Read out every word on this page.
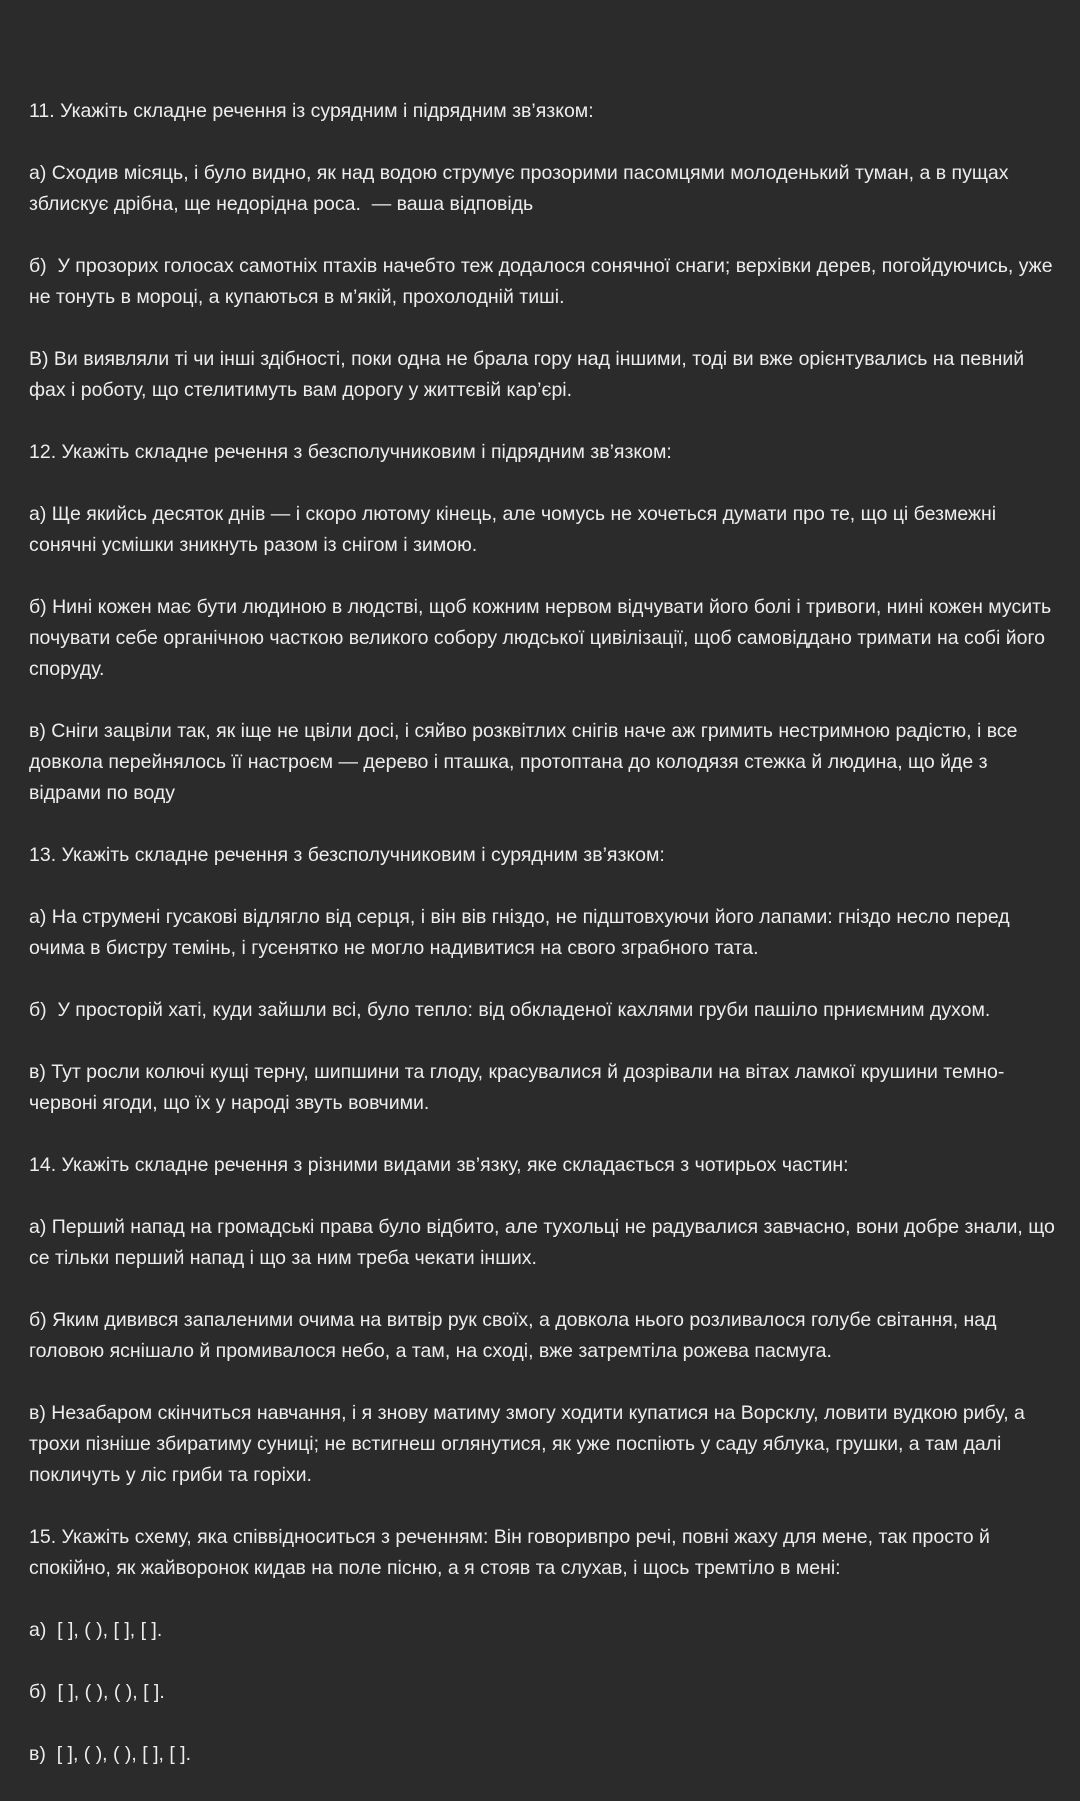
11. Укажіть складне речення із сурядним і підрядним зв’язком:

а) Сходив місяць, і було видно, як над водою струмує прозорими пасомцями молоденький туман, а в пущах зблискує дрібна, ще недорідна роса.  — ваша відповідь

б)  У прозорих голосах самотніх птахів начебто теж додалося сонячної снаги; верхівки дерев, погойдуючись, уже не тонуть в мороці, а купаються в м’якій, прохолодній тиші.

В) Ви виявляли ті чи інші здібності, поки одна не брала гору над іншими, тоді ви вже орієнтувались на певний фах і роботу, що стелитимуть вам дорогу у життєвій кар’єрі.

12. Укажіть складне речення з безсполучниковим і підрядним зв’язком:

а) Ще якийсь десяток днів — і скоро лютому кінець, але чомусь не хочеться думати про те, що ці безмежні сонячні усмішки зникнуть разом із снігом і зимою.

б) Нині кожен має бути людиною в людстві, щоб кожним нервом відчувати його болі і тривоги, нині кожен мусить почувати себе органічною часткою великого собору людської цивілізації, щоб самовіддано тримати на собі його споруду.

в) Сніги зацвіли так, як іще не цвіли досі, і сяйво розквітлих снігів наче аж гримить нестримною радістю, і все довкола перейнялось її настроєм — дерево і пташка, протоптана до колодязя стежка й людина, що йде з відрами по воду

13. Укажіть складне речення з безсполучниковим і сурядним зв’язком:

а) На струмені гусакові відлягло від серця, і він вів гніздо, не підштовхуючи його лапами: гніздо несло перед очима в бистру темінь, і гусенятко не могло надивитися на свого зграбного тата.

б)  У просторій хаті, куди зайшли всі, було тепло: від обкладеної кахлями груби пашіло прниємним духом.

в) Тут росли колючі кущі терну, шипшини та глоду, красувалися й дозрівали на вітах ламкої крушини темно-червоні ягоди, що їх у народі звуть вовчими.

14. Укажіть складне речення з різними видами зв’язку, яке складається з чотирьох частин:

а) Перший напад на громадські права було відбито, але тухольці не радувалися завчасно, вони добре знали, що се тільки перший напад і що за ним треба чекати інших.

б) Яким дивився запаленими очима на витвір рук своїх, а довкола нього розливалося голубе світання, над головою яснішало й промивалося небо, а там, на сході, вже затремтіла рожева пасмуга.

в) Незабаром скінчиться навчання, і я знову матиму змогу ходити купатися на Ворсклу, ловити вудкою рибу, а трохи пізніше збиратиму суниці; не встигнеш оглянутися, як уже поспіють у саду яблука, грушки, а там далі покличуть у ліс гриби та горіхи.

15. Укажіть схему, яка співвідноситься з реченням: Він говоривпро речі, повні жаху для мене, так просто й спокійно, як жайворонок кидав на поле пісню, а я стояв та слухав, і щось тремтіло в мені:

а)  [ ], ( ), [ ], [ ].

б)  [ ], ( ), ( ), [ ].

в)  [ ], ( ), ( ), [ ], [ ].
